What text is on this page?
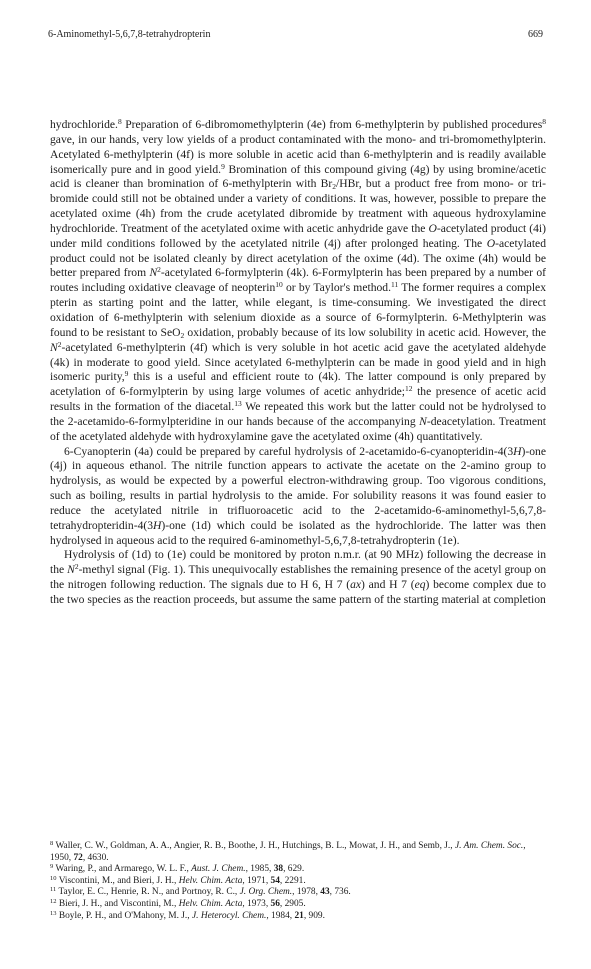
6-Aminomethyl-5,6,7,8-tetrahydropterin	669

hydrochloride.$^8$ Preparation of 6-dibromomethylpterin (4e) from 6-methylpterin by published procedures$^8$ gave, in our hands, very low yields of a product contaminated with the mono- and tri-bromomethylpterin. Acetylated 6-methylpterin (4f) is more soluble in acetic acid than 6-methylpterin and is readily available isomerically pure and in good yield.$^9$ Bromination of this compound giving (4g) by using bromine/acetic acid is cleaner than bromination of 6-methylpterin with $Br_2$/HBr, but a product free from mono- or tri-bromide could still not be obtained under a variety of conditions. It was, however, possible to prepare the acetylated oxime (4h) from the crude acetylated dibromide by treatment with aqueous hydroxylamine hydrochloride. Treatment of the acetylated oxime with acetic anhydride gave the O-acetylated product (4i) under mild conditions followed by the acetylated nitrile (4j) after prolonged heating. The O-acetylated product could not be isolated cleanly by direct acetylation of the oxime (4d). The oxime (4h) would be better prepared from $N^2$-acetylated 6-formylpterin (4k). 6-Formylpterin has been prepared by a number of routes including oxidative cleavage of neopterin$^{10}$ or by Taylor's method.$^{11}$ The former requires a complex pterin as starting point and the latter, while elegant, is time-consuming. We investigated the direct oxidation of 6-methylpterin with selenium dioxide as a source of 6-formylpterin. 6-Methylpterin was found to be resistant to SeO$_2$ oxidation, probably because of its low solubility in acetic acid. However, the $N^2$-acetylated 6-methylpterin (4f) which is very soluble in hot acetic acid gave the acetylated aldehyde (4k) in moderate to good yield. Since acetylated 6-methylpterin can be made in good yield and in high isomeric purity,$^9$ this is a useful and efficient route to (4k). The latter compound is only prepared by acetylation of 6-formylpterin by using large volumes of acetic anhydride;$^{12}$ the presence of acetic acid results in the formation of the diacetal.$^{13}$ We repeated this work but the latter could not be hydrolysed to the 2-acetamido-6-formylpteridine in our hands because of the accompanying N-deacetylation. Treatment of the acetylated aldehyde with hydroxylamine gave the acetylated oxime (4h) quantitatively.

6-Cyanopterin (4a) could be prepared by careful hydrolysis of 2-acetamido-6-cyanopteridin-4(3H)-one (4j) in aqueous ethanol. The nitrile function appears to activate the acetate on the 2-amino group to hydrolysis, as would be expected by a powerful electron-withdrawing group. Too vigorous conditions, such as boiling, results in partial hydrolysis to the amide. For solubility reasons it was found easier to reduce the acetylated nitrile in trifluoroacetic acid to the 2-acetamido-6-aminomethyl-5,6,7,8-tetrahydropteridin-4(3H)-one (1d) which could be isolated as the hydrochloride. The latter was then hydrolysed in aqueous acid to the required 6-aminomethyl-5,6,7,8-tetrahydropterin (1e).

Hydrolysis of (1d) to (1e) could be monitored by proton n.m.r. (at 90 MHz) following the decrease in the $N^2$-methyl signal (Fig. 1). This unequivocally establishes the remaining presence of the acetyl group on the nitrogen following reduction. The signals due to H 6, H 7 (ax) and H 7 (eq) become complex due to the two species as the reaction proceeds, but assume the same pattern of the starting material at completion

$^8$ Waller, C. W., Goldman, A. A., Angier, R. B., Boothe, J. H., Hutchings, B. L., Mowat, J. H., and Semb, J., J. Am. Chem. Soc., 1950, 72, 4630.

$^9$ Waring, P., and Armarego, W. L. F., Aust. J. Chem., 1985, 38, 629.

$^{10}$ Viscontini, M., and Bieri, J. H., Helv. Chim. Acta, 1971, 54, 2291.

$^{11}$ Taylor, E. C., Henrie, R. N., and Portnoy, R. C., J. Org. Chem., 1978, 43, 736.

$^{12}$ Bieri, J. H., and Viscontini, M., Helv. Chim. Acta, 1973, 56, 2905.

$^{13}$ Boyle, P. H., and O'Mahony, M. J., J. Heterocyl. Chem., 1984, 21, 909.
